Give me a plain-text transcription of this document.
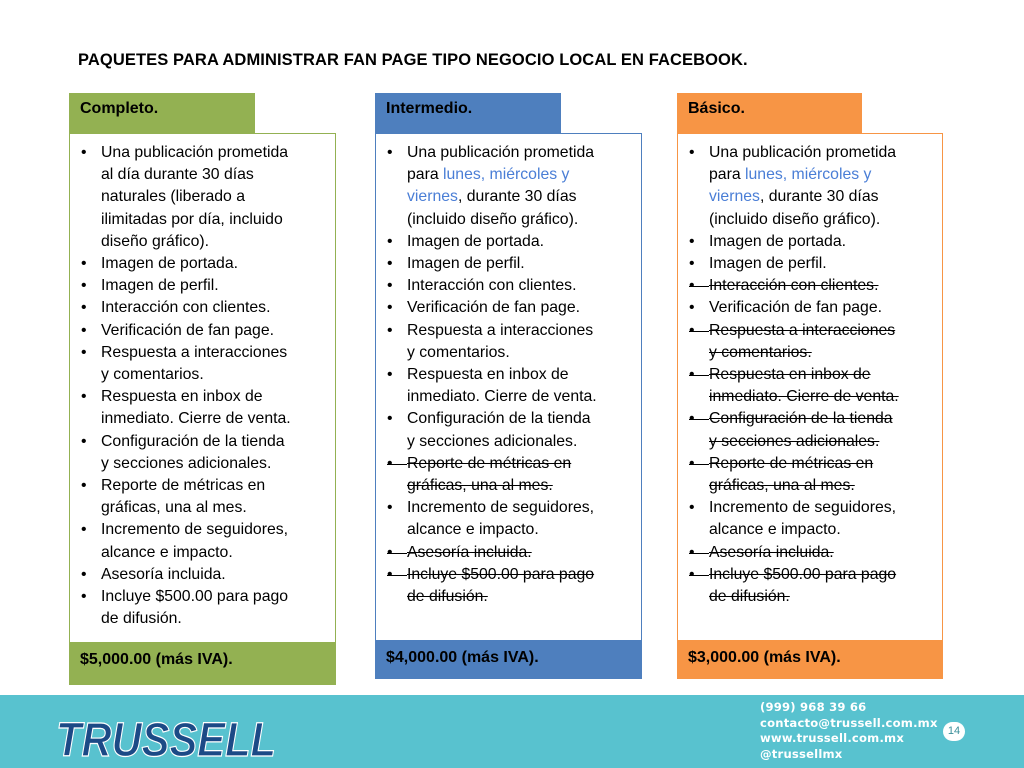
PAQUETES PARA ADMINISTRAR FAN PAGE TIPO NEGOCIO LOCAL EN FACEBOOK.
Completo.
• Una publicación prometida
al día durante 30 días
naturales (liberado a
ilimitadas por día, incluido
diseño gráfico).
• Imagen de portada.
• Imagen de perfil.
• Interacción con clientes.
• Verificación de fan page.
• Respuesta a interacciones
y comentarios.
• Respuesta en inbox de
inmediato. Cierre de venta.
• Configuración de la tienda
y secciones adicionales.
• Reporte de métricas en
gráficas, una al mes.
• Incremento de seguidores,
alcance e impacto.
• Asesoría incluida.
• Incluye $500.00 para pago
de difusión.
$5,000.00 (más IVA).
Intermedio.
• Una publicación prometida
para lunes, miércoles y
viernes, durante 30 días
(incluido diseño gráfico).
• Imagen de portada.
• Imagen de perfil.
• Interacción con clientes.
• Verificación de fan page.
• Respuesta a interacciones
y comentarios.
• Respuesta en inbox de
inmediato. Cierre de venta.
• Configuración de la tienda
y secciones adicionales.
• Reporte de métricas en
gráficas, una al mes.
• Incremento de seguidores,
alcance e impacto.
• Asesoría incluida.
• Incluye $500.00 para pago
de difusión.
$4,000.00 (más IVA).
Básico.
• Una publicación prometida
para lunes, miércoles y
viernes, durante 30 días
(incluido diseño gráfico).
• Imagen de portada.
• Imagen de perfil.
• Interacción con clientes.
• Verificación de fan page.
• Respuesta a interacciones
y comentarios.
• Respuesta en inbox de
inmediato. Cierre de venta.
• Configuración de la tienda
y secciones adicionales.
• Reporte de métricas en
gráficas, una al mes.
• Incremento de seguidores,
alcance e impacto.
• Asesoría incluida.
• Incluye $500.00 para pago
de difusión.
$3,000.00 (más IVA).
TRUSSELL
(999) 968 39 66
contacto@trussell.com.mx
www.trussell.com.mx
@trussellmx
14
